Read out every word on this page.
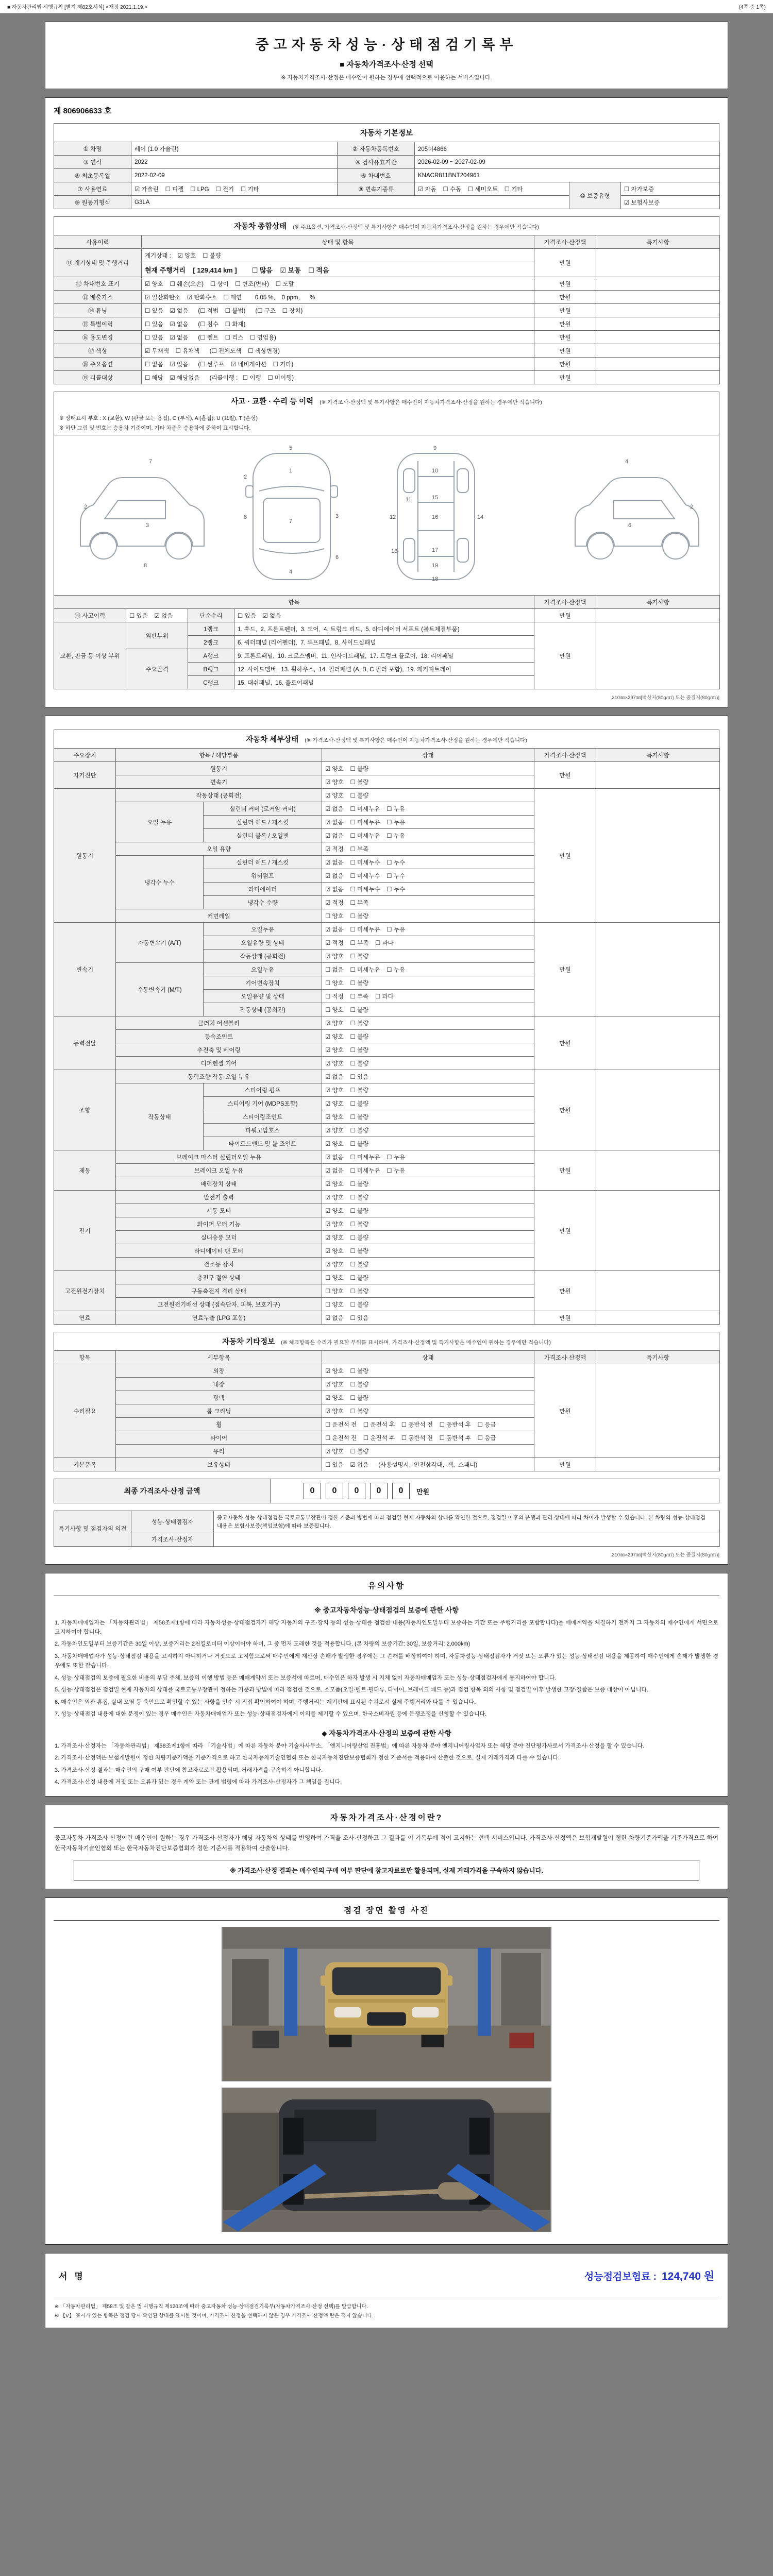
■ 자동차관리법 시행규칙 [별지 제82호서식] <개정 2021.1.19.>	(4쪽 중 1쪽)
중고자동차성능·상태점검기록부
■ 자동차가격조사·산정 선택
※ 자동차가격조사·산정은 매수인이 원하는 경우에 선택적으로 이용하는 서비스입니다.
제 806906633 호
자동차 기본정보
① 차명	레이 (1.0 가솔린)	② 자동차등록번호	205더4866		
③ 연식	2022	④ 검사유효기간	2026-02-09 ~ 2027-02-09		
⑤ 최초등록일	2022-02-09	⑥ 차대번호	KNACR811BNT204961		
⑦ 사용연료	☑ 가솔린    ☐ 디젤    ☐ LPG    ☐ 전기    ☐ 기타	⑧ 변속기종류	☑ 자동    ☐ 수동    ☐ 세미오토    ☐ 기타	⑩ 보증유형	☐ 자가보증
⑨ 원동기형식	G3LA				☑ 보험사보증
자동차 종합상태 (※ 주요옵션, 가격조사·산정액 및 특기사항은 매수인이 자동차가격조사·산정을 원하는 경우에만 적습니다)
사용이력	상태 및 항목	가격조사·산정액	특기사항
⑪ 계기상태 및 주행거리	계기상태 :    ☑ 양호    ☐ 불량	만원	
	현재 주행거리    [ 129,414 km ]        ☐ 많음    ☑ 보통    ☐ 적음		
⑫ 차대번호 표기	☑ 양호    ☐ 훼손(오손)    ☐ 상이    ☐ 변조(변타)    ☐ 도말	만원	
⑬ 배출가스	☑ 일산화탄소    ☑ 탄화수소    ☐ 매연        0.05 %,    0 ppm,      %	만원	
⑭ 튜닝	☐ 있음    ☑ 없음      (☐ 적법    ☐ 불법)      (☐ 구조    ☐ 장치)	만원	
⑮ 특별이력	☐ 있음    ☑ 없음      (☐ 침수    ☐ 화재)	만원	
⑯ 용도변경	☐ 있음    ☑ 없음      (☐ 렌트    ☐ 리스    ☐ 영업용)	만원	
⑰ 색상	☑ 무채색    ☐ 유채색      (☐ 전체도색    ☐ 색상변경)	만원	
⑱ 주요옵션	☐ 없음    ☑ 있음      (☐ 썬루프    ☑ 네비게이션    ☐ 기타)	만원	
⑲ 리콜대상	☐ 해당    ☑ 해당없음      (리콜이행 :   ☐ 이행    ☐ 미이행)	만원	
사고 · 교환 · 수리 등 이력 (※ 가격조사·산정액 및 특기사항은 매수인이 자동차가격조사·산정을 원하는 경우에만 적습니다)
※ 상태표시 부호 : X (교환), W (판금 또는 용접), C (부식), A (흠집), U (요철), T (손상)
※ 하단 그림 및 번호는 승용차 기준이며, 기타 차종은 승용차에 준하여 표시합니다.
2
3
7
8
5
1
2
3
7
8
6
4
9
10
11	15
12	16	14
13	17
19
18
2
6
4
항목				가격조사·산정액	특기사항
⑳ 사고이력	☐ 있음    ☑ 없음	단순수리	☐ 있음    ☑ 없음	만원	
교환, 판금 등 이상 부위	외판부위	1랭크	1. 후드,  2. 프론트펜더,  3. 도어,  4. 트렁크 리드,  5. 라디에이터 서포트 (볼트체결부품)	만원	
		2랭크	6. 쿼터패널 (리어펜더),  7. 루프패널,  8. 사이드실패널		
	주요골격	A랭크	9. 프론트패널,  10. 크로스멤버,  11. 인사이드패널,  17. 트렁크 플로어,  18. 리어패널		
		B랭크	12. 사이드멤버,  13. 휠하우스,  14. 필러패널 (A, B, C 필러 포함),  19. 패키지트레이		
		C랭크	15. 대쉬패널,  16. 플로어패널		
210㎜×297㎜[백상지(80g/㎡) 또는 중질지(80g/㎡)]
자동차 세부상태 (※ 가격조사·산정액 및 특기사항은 매수인이 자동차가격조사·산정을 원하는 경우에만 적습니다)
주요장치	항목 / 해당부품		상태	가격조사·산정액	특기사항
자기진단	원동기		☑ 양호    ☐ 불량	만원	
	변속기		☑ 양호    ☐ 불량		
원동기	작동상태 (공회전)		☑ 양호    ☐ 불량	만원	
	오일 누유	실린더 커버 (로커암 커버)	☑ 없음    ☐ 미세누유    ☐ 누유		
		실린더 헤드 / 개스킷	☑ 없음    ☐ 미세누유    ☐ 누유		
		실린더 블록 / 오일팬	☑ 없음    ☐ 미세누유    ☐ 누유		
	오일 유량		☑ 적정    ☐ 부족		
	냉각수 누수	실린더 헤드 / 개스킷	☑ 없음    ☐ 미세누수    ☐ 누수		
		워터펌프	☑ 없음    ☐ 미세누수    ☐ 누수		
		라디에이터	☑ 없음    ☐ 미세누수    ☐ 누수		
		냉각수 수량	☑ 적정    ☐ 부족		
	커먼레일		☐ 양호    ☐ 불량		
변속기	자동변속기 (A/T)	오일누유	☑ 없음    ☐ 미세누유    ☐ 누유	만원	
		오일유량 및 상태	☑ 적정    ☐ 부족    ☐ 과다		
		작동상태 (공회전)	☑ 양호    ☐ 불량		
	수동변속기 (M/T)	오일누유	☐ 없음    ☐ 미세누유    ☐ 누유		
		기어변속장치	☐ 양호    ☐ 불량		
		오일유량 및 상태	☐ 적정    ☐ 부족    ☐ 과다		
		작동상태 (공회전)	☐ 양호    ☐ 불량		
동력전달	클러치 어셈블리		☑ 양호    ☐ 불량	만원	
	등속조인트		☑ 양호    ☐ 불량		
	추진축 및 베어링		☑ 양호    ☐ 불량		
	디퍼렌셜 기어		☑ 양호    ☐ 불량		
조향	동력조향 작동 오일 누유		☑ 없음    ☐ 있음	만원	
	작동상태	스티어링 펌프	☑ 양호    ☐ 불량		
		스티어링 기어 (MDPS포함)	☑ 양호    ☐ 불량		
		스티어링조인트	☑ 양호    ☐ 불량		
		파워고압호스	☑ 양호    ☐ 불량		
		타이로드엔드 및 볼 조인트	☑ 양호    ☐ 불량		
제동	브레이크 마스터 실린더오일 누유		☑ 없음    ☐ 미세누유    ☐ 누유	만원	
	브레이크 오일 누유		☑ 없음    ☐ 미세누유    ☐ 누유		
	배력장치 상태		☑ 양호    ☐ 불량		
전기	발전기 출력		☑ 양호    ☐ 불량	만원	
	시동 모터		☑ 양호    ☐ 불량		
	와이퍼 모터 기능		☑ 양호    ☐ 불량		
	실내송풍 모터		☑ 양호    ☐ 불량		
	라디에이터 팬 모터		☑ 양호    ☐ 불량		
	전조등 장치		☑ 양호    ☐ 불량		
고전원전기장치	충전구 절연 상태		☐ 양호    ☐ 불량	만원	
	구동축전지 격리 상태		☐ 양호    ☐ 불량		
	고전원전기배선 상태 (접속단자, 피복, 보호기구)		☐ 양호    ☐ 불량		
연료	연료누출 (LPG 포함)		☑ 없음    ☐ 있음	만원	
자동차 기타정보 (※ 체크항목은 수리가 필요한 부위를 표시하며, 가격조사·산정액 및 특기사항은 매수인이 원하는 경우에만 적습니다)
항목	세부항목	상태	가격조사·산정액	특기사항
수리필요	외장	☑ 양호    ☐ 불량	만원	
	내장	☑ 양호    ☐ 불량		
	광택	☑ 양호    ☐ 불량		
	룸 크리닝	☑ 양호    ☐ 불량		
	휠	☐ 운전석 전    ☐ 운전석 후    ☐ 동반석 전    ☐ 동반석 후    ☐ 응급		
	타이어	☐ 운전석 전    ☐ 운전석 후    ☐ 동반석 전    ☐ 동반석 후    ☐ 응급		
	유리	☑ 양호    ☐ 불량		
기본품목	보유상태	☐ 있음    ☑ 없음      (사용설명서,  안전삼각대,  잭,  스패너)	만원	
최종 가격조사·산정 금액	0	0	0	0	0	만원
특기사항 및 점검자의 의견	성능·상태점검자	중고자동차 성능·상태점검은 국토교통부장관이 정한 기준과 방법에 따라 점검일 현재 자동차의 상태를 확인한 것으로, 점검일 이후의 운행과 관리 상태에 따라 차이가 발생할 수 있습니다. 본 차량의 성능·상태점검 내용은 보험사보증(책임보험)에 따라 보증됩니다.
	가격조사·산정자	
210㎜×297㎜[백상지(80g/㎡) 또는 중질지(80g/㎡)]
유의사항
※ 중고자동차성능·상태점검의 보증에 관한 사항
1. 자동차매매업자는 「자동차관리법」 제58조제1항에 따라 자동차성능·상태점검자가 해당 자동차의 구조·장치 등의 성능·상태를 점검한 내용(자동차인도일부터 보증하는 기간 또는 주행거리를 포함합니다)을 매매계약을 체결하기 전까지 그 자동차의 매수인에게 서면으로 고지하여야 합니다.
2. 자동차인도일부터 보증기간은 30일 이상, 보증거리는 2천킬로미터 이상이어야 하며, 그 중 먼저 도래한 것을 적용합니다. (본 차량의 보증기간: 30일, 보증거리: 2,000km)
3. 자동차매매업자가 성능·상태점검 내용을 고지하지 아니하거나 거짓으로 고지함으로써 매수인에게 재산상 손해가 발생한 경우에는 그 손해를 배상하여야 하며, 자동차성능·상태점검자가 거짓 또는 오류가 있는 성능·상태점검 내용을 제공하여 매수인에게 손해가 발생한 경우에도 또한 같습니다.
4. 성능·상태점검의 보증에 필요한 비용의 부담 주체, 보증의 이행 방법 등은 매매계약서 또는 보증서에 따르며, 매수인은 하자 발생 시 지체 없이 자동차매매업자 또는 성능·상태점검자에게 통지하여야 합니다.
5. 성능·상태점검은 점검일 현재 자동차의 상태를 국토교통부장관이 정하는 기준과 방법에 따라 점검한 것으로, 소모품(오일·벨트·필터류, 타이어, 브레이크 패드 등)과 점검 항목 외의 사항 및 점검일 이후 발생한 고장·결함은 보증 대상이 아닙니다.
6. 매수인은 외관 흠집, 실내 오염 등 육안으로 확인할 수 있는 사항을 인수 시 직접 확인하여야 하며, 주행거리는 계기판에 표시된 수치로서 실제 주행거리와 다를 수 있습니다.
7. 성능·상태점검 내용에 대한 분쟁이 있는 경우 매수인은 자동차매매업자 또는 성능·상태점검자에게 이의를 제기할 수 있으며, 한국소비자원 등에 분쟁조정을 신청할 수 있습니다.
◆ 자동차가격조사·산정의 보증에 관한 사항
1. 가격조사·산정자는 「자동차관리법」 제58조제1항에 따라 「기술사법」에 따른 자동차 분야 기술사사무소, 「엔지니어링산업 진흥법」에 따른 자동차 분야 엔지니어링사업자 또는 해당 분야 진단평가사로서 가격조사·산정을 할 수 있습니다.
2. 가격조사·산정액은 보험개발원이 정한 차량기준가액을 기준가격으로 하고 한국자동차기술인협회 또는 한국자동차진단보증협회가 정한 기준서를 적용하여 산출한 것으로, 실제 거래가격과 다를 수 있습니다.
3. 가격조사·산정 결과는 매수인의 구매 여부 판단에 참고자료로만 활용되며, 거래가격을 구속하지 아니합니다.
4. 가격조사·산정 내용에 거짓 또는 오류가 있는 경우 계약 또는 관계 법령에 따라 가격조사·산정자가 그 책임을 집니다.
자동차가격조사·산정이란?
중고자동차 가격조사·산정이란 매수인이 원하는 경우 가격조사·산정자가 해당 자동차의 상태를 반영하여 가격을 조사·산정하고 그 결과를 이 기록부에 적어 고지하는 선택 서비스입니다. 가격조사·산정액은 보험개발원이 정한 차량기준가액을 기준가격으로 하여 한국자동차기술인협회 또는 한국자동차진단보증협회가 정한 기준서를 적용하여 산출합니다.
※ 가격조사·산정 결과는 매수인의 구매 여부 판단에 참고자료로만 활용되며, 실제 거래가격을 구속하지 않습니다.
점검 장면 촬영 사진
서명	성능점검보험료 : 124,740 원
※ 「자동차관리법」 제58조 및 같은 법 시행규칙 제120조에 따라 중고자동차 성능·상태점검기록부(자동차가격조사·산정 선택)를 발급합니다.
※ 【V】 표시가 있는 항목은 점검 당시 확인된 상태를 표시한 것이며, 가격조사·산정을 선택하지 않은 경우 가격조사·산정액 란은 적지 않습니다.
